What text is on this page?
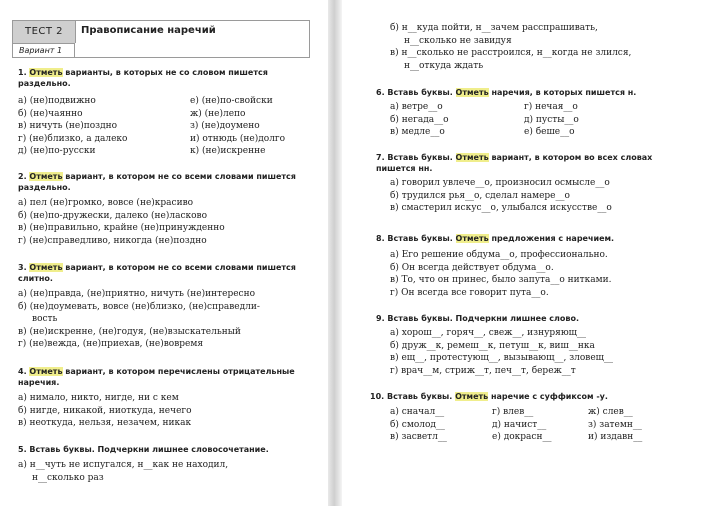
ТЕСТ 2
Вариант 1
Правописание наречий
1. Отметь варианты, в которых не со словом пишется раздельно.
а) (не)подвижно	е) (не)по-свойски
б) (не)чаянно	ж) (не)лепо
в) ничуть (не)поздно	з) (не)доумено
г) (не)близко, а далеко	и) отнюдь (не)долго
д) (не)по-русски	к) (не)искренне
2. Отметь вариант, в котором не со всеми словами пишется раздельно.
а) пел (не)громко, вовсе (не)красиво
б) (не)по-дружески, далеко (не)ласково
в) (не)правильно, крайне (не)принужденно
г) (не)справедливо, никогда (не)поздно
3. Отметь вариант, в котором не со всеми словами пишется слитно.
а) (не)правда, (не)приятно, ничуть (не)интересно
б) (не)доумевать, вовсе (не)близко, (не)справедли-
вость
в) (не)искренне, (не)годуя, (не)взыскательный
г) (не)вежда, (не)приехав, (не)вовремя
4. Отметь вариант, в котором перечислены отрицательные наречия.
а) нимало, никто, нигде, ни с кем
б) нигде, никакой, ниоткуда, нечего
в) неоткуда, нельзя, незачем, никак
5. Вставь буквы. Подчеркни лишнее словосочетание.
а) н__чуть не испугался, н__как не находил,
н__сколько раз
б) н__куда пойти, н__зачем расспрашивать,
н__сколько не завидуя
в) н__сколько не расстроился, н__когда не злился,
н__откуда ждать
6. Вставь буквы. Отметь наречия, в которых пишется н.
а) ветре__о	г) нечая__о
б) негада__о	д) пусты__о
в) медле__о	е) беше__о
7. Вставь буквы. Отметь вариант, в котором во всех словах пишется нн.
а) говорил увлече__о, произносил осмысле__о
б) трудился рья__о, сделал намере__о
в) смастерил искус__о, улыбался искусстве__о
8. Вставь буквы. Отметь предложения с наречием.
а) Его решение обдума__о, профессионально.
б) Он всегда действует обдума__о.
в) То, что он принес, было запута__о нитками.
г) Он всегда все говорит пута__о.
9. Вставь буквы. Подчеркни лишнее слово.
а) хорош__, горяч__, свеж__, изнуряющ__
б) друж__к, ремеш__к, петуш__к, виш__нка
в) ещ__, протестующ__, вызывающ__, зловещ__
г) врач__м, стриж__т, печ__т, береж__т
10. Вставь буквы. Отметь наречие с суффиксом -у.
а) сначал__	г) влев__	ж) слев__
б) смолод__	д) начист__	з) затемн__
в) засветл__	е) докрасн__	и) издавн__
